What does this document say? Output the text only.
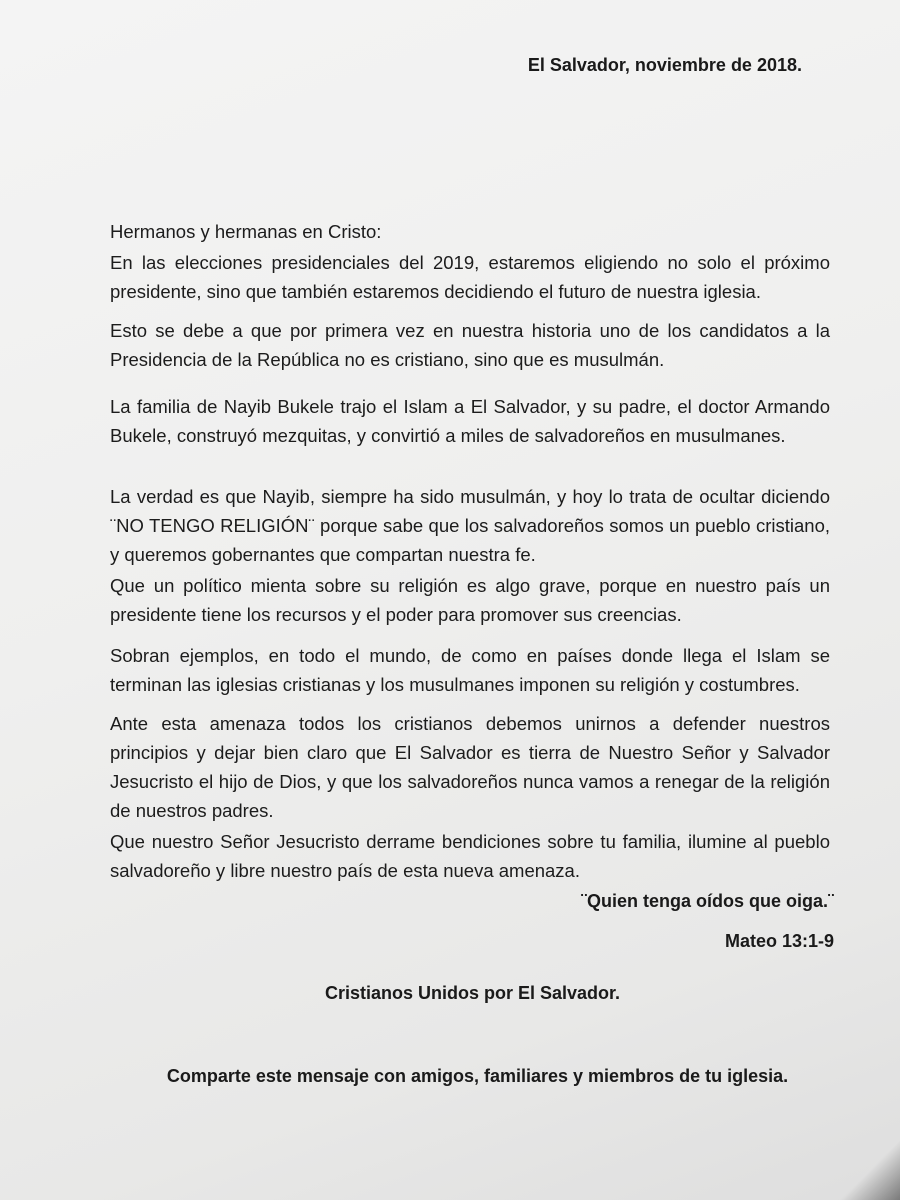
El Salvador, noviembre de 2018.
Hermanos y hermanas en Cristo:

En las elecciones presidenciales del 2019, estaremos eligiendo no solo el próximo presidente, sino que también estaremos decidiendo el futuro de nuestra iglesia.

Esto se debe a que por primera vez en nuestra historia uno de los candidatos a la Presidencia de la República no es cristiano, sino que es musulmán.

La familia de Nayib Bukele trajo el Islam a El Salvador, y su padre, el doctor Armando Bukele, construyó mezquitas, y convirtió a miles de salvadoreños en musulmanes.

La verdad es que Nayib, siempre ha sido musulmán, y hoy lo trata de ocultar diciendo ¨NO TENGO RELIGIÓN¨ porque sabe que los salvadoreños somos un pueblo cristiano, y queremos gobernantes que compartan nuestra fe.

Que un político mienta sobre su religión es algo grave, porque en nuestro país un presidente tiene los recursos y el poder para promover sus creencias.

Sobran ejemplos, en todo el mundo, de como en países donde llega el Islam se terminan las iglesias cristianas y los musulmanes imponen su religión y costumbres.

Ante esta amenaza todos los cristianos debemos unirnos a defender nuestros principios y dejar bien claro que El Salvador es tierra de Nuestro Señor y Salvador Jesucristo el hijo de Dios, y que los salvadoreños nunca vamos a renegar de la religión de nuestros padres.

Que nuestro Señor Jesucristo derrame bendiciones sobre tu familia, ilumine al pueblo salvadoreño y libre nuestro país de esta nueva amenaza.

¨Quien tenga oídos que oiga.¨
Mateo 13:1-9
Cristianos Unidos por El Salvador.
Comparte este mensaje con amigos, familiares y miembros de tu iglesia.
